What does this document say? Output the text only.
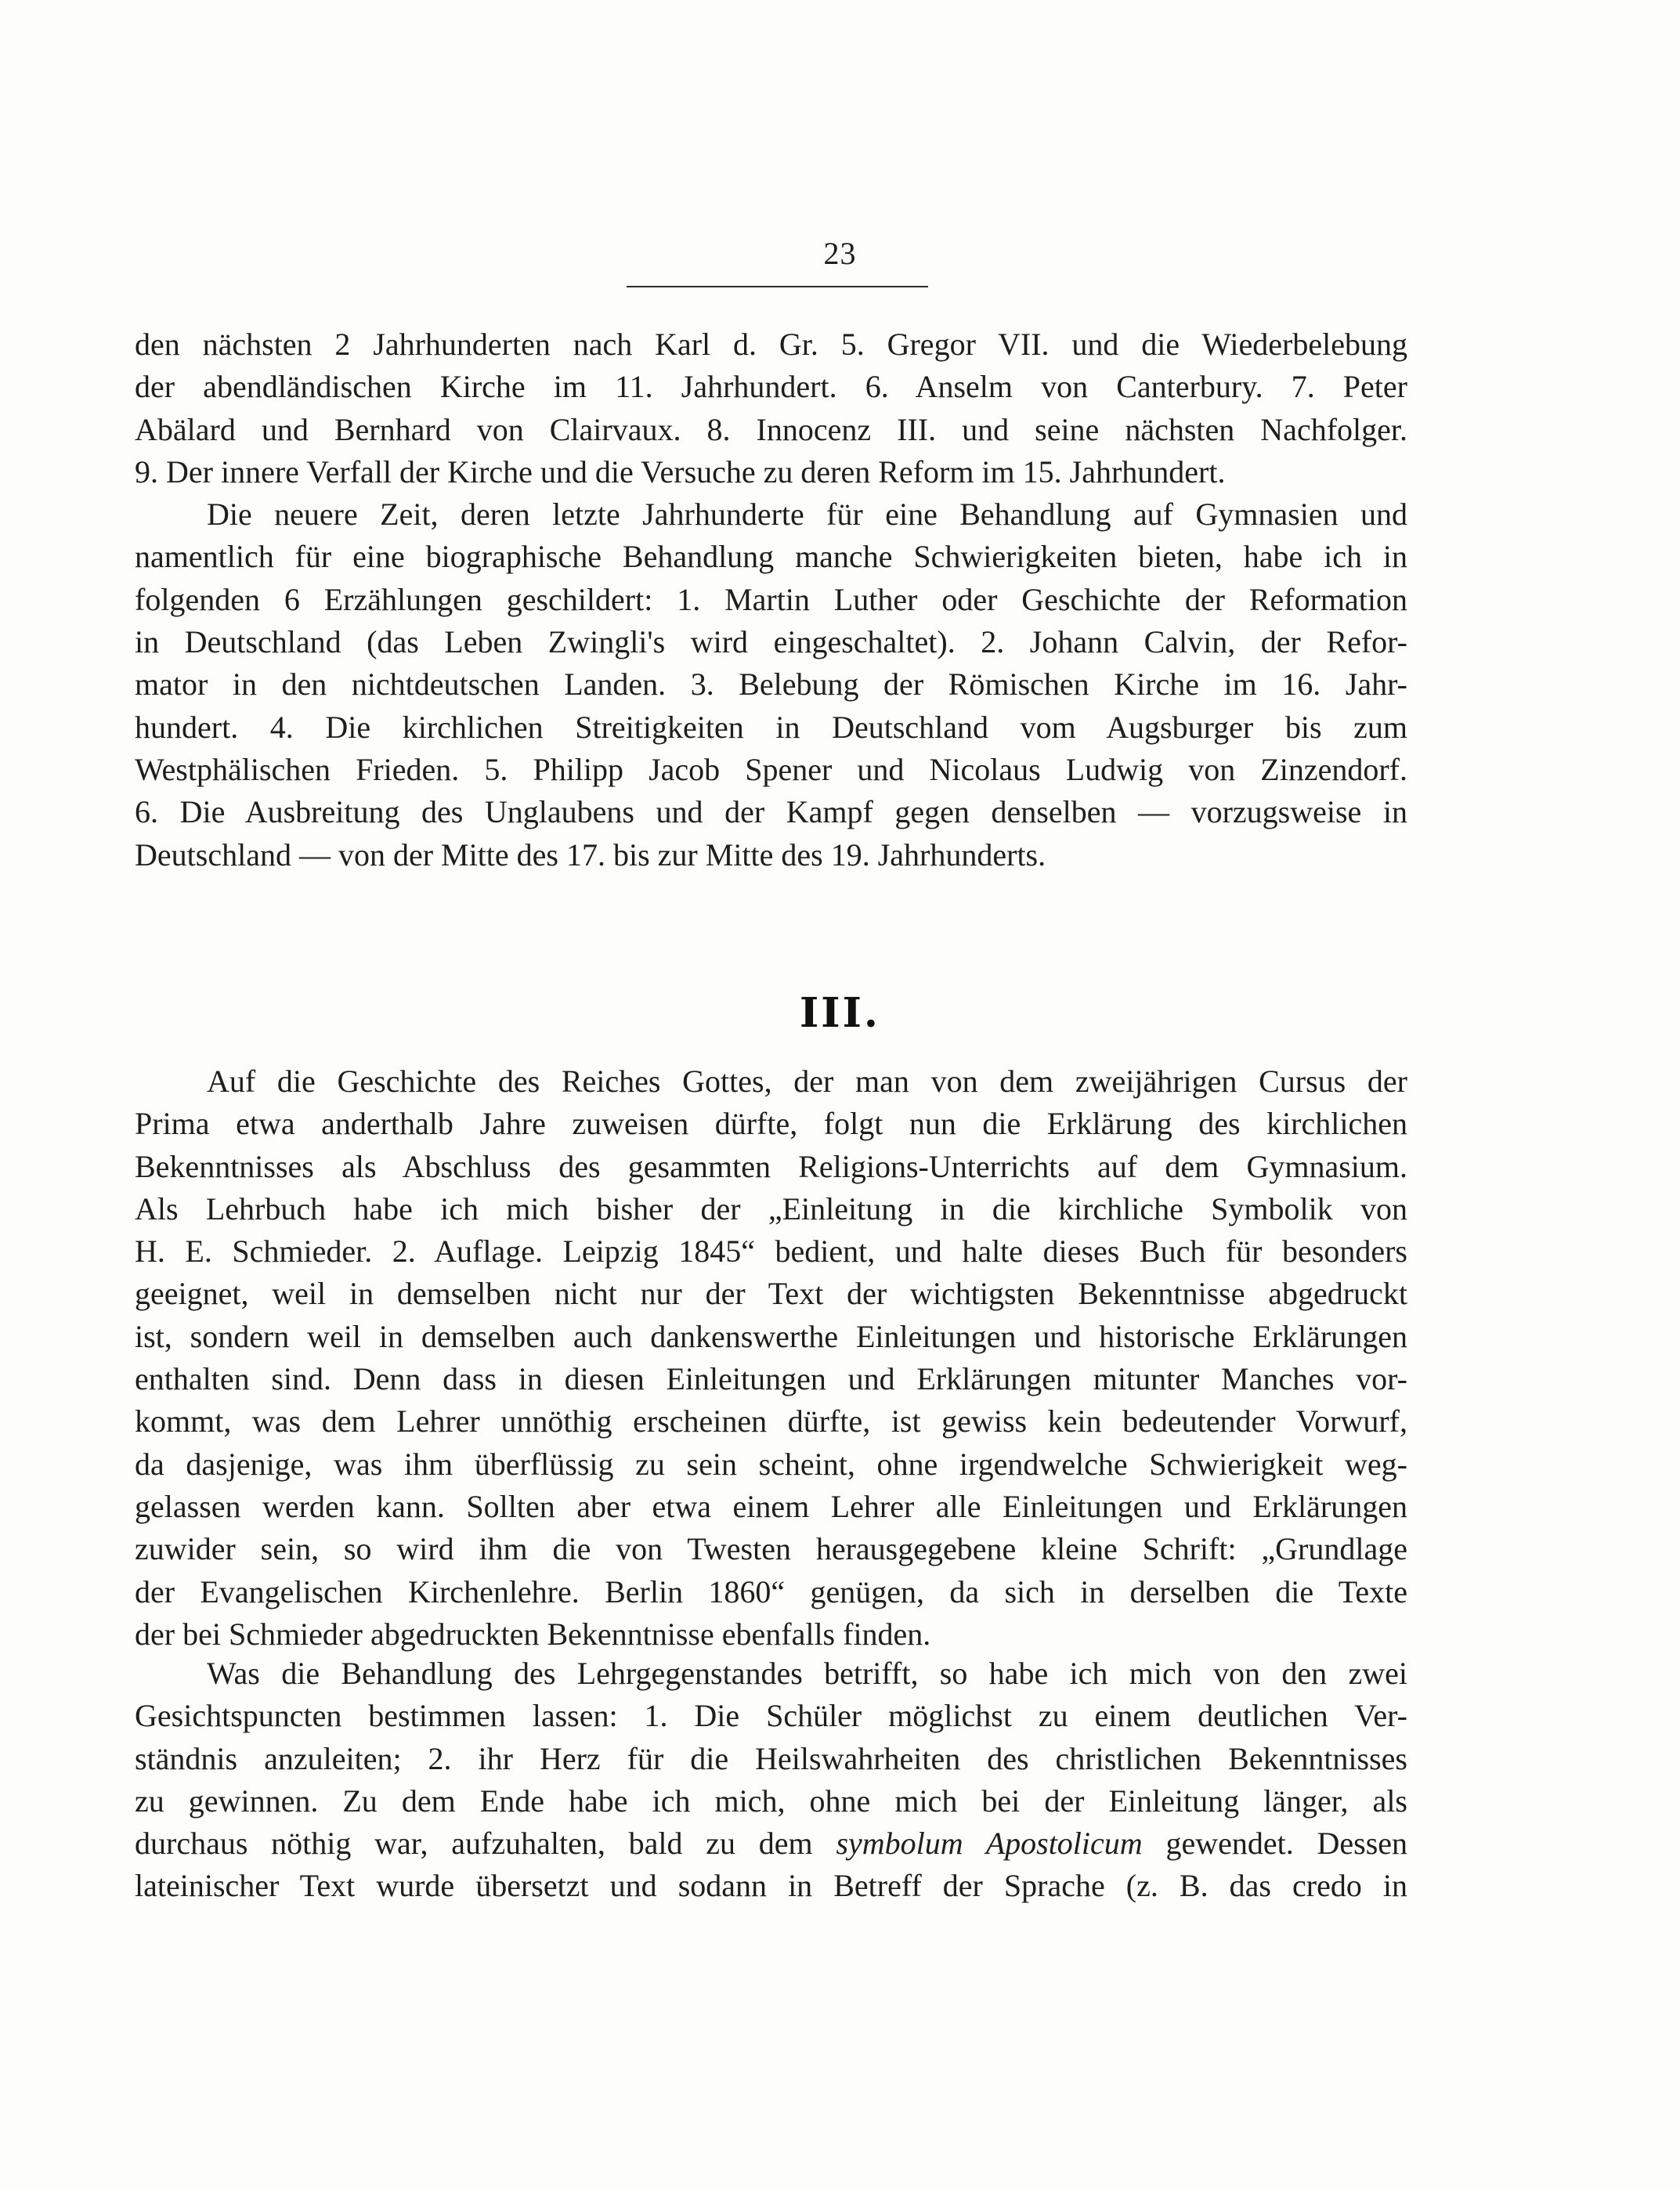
23
den nächsten 2 Jahrhunderten nach Karl d. Gr. 5. Gregor VII. und die Wiederbelebung
der abendländischen Kirche im 11. Jahrhundert. 6. Anselm von Canterbury. 7. Peter
Abälard und Bernhard von Clairvaux. 8. Innocenz III. und seine nächsten Nachfolger.
9. Der innere Verfall der Kirche und die Versuche zu deren Reform im 15. Jahrhundert.
Die neuere Zeit, deren letzte Jahrhunderte für eine Behandlung auf Gymnasien und
namentlich für eine biographische Behandlung manche Schwierigkeiten bieten, habe ich in
folgenden 6 Erzählungen geschildert: 1. Martin Luther oder Geschichte der Reformation
in Deutschland (das Leben Zwingli's wird eingeschaltet). 2. Johann Calvin, der Refor-
mator in den nichtdeutschen Landen. 3. Belebung der Römischen Kirche im 16. Jahr-
hundert. 4. Die kirchlichen Streitigkeiten in Deutschland vom Augsburger bis zum
Westphälischen Frieden. 5. Philipp Jacob Spener und Nicolaus Ludwig von Zinzendorf.
6. Die Ausbreitung des Unglaubens und der Kampf gegen denselben — vorzugsweise in
Deutschland — von der Mitte des 17. bis zur Mitte des 19. Jahrhunderts.
III.
Auf die Geschichte des Reiches Gottes, der man von dem zweijährigen Cursus der
Prima etwa anderthalb Jahre zuweisen dürfte, folgt nun die Erklärung des kirchlichen
Bekenntnisses als Abschluss des gesammten Religions-Unterrichts auf dem Gymnasium.
Als Lehrbuch habe ich mich bisher der „Einleitung in die kirchliche Symbolik von
H. E. Schmieder. 2. Auflage. Leipzig 1845“ bedient, und halte dieses Buch für besonders
geeignet, weil in demselben nicht nur der Text der wichtigsten Bekenntnisse abgedruckt
ist, sondern weil in demselben auch dankenswerthe Einleitungen und historische Erklärungen
enthalten sind. Denn dass in diesen Einleitungen und Erklärungen mitunter Manches vor-
kommt, was dem Lehrer unnöthig erscheinen dürfte, ist gewiss kein bedeutender Vorwurf,
da dasjenige, was ihm überflüssig zu sein scheint, ohne irgendwelche Schwierigkeit weg-
gelassen werden kann. Sollten aber etwa einem Lehrer alle Einleitungen und Erklärungen
zuwider sein, so wird ihm die von Twesten herausgegebene kleine Schrift: „Grundlage
der Evangelischen Kirchenlehre. Berlin 1860“ genügen, da sich in derselben die Texte
der bei Schmieder abgedruckten Bekenntnisse ebenfalls finden.
Was die Behandlung des Lehrgegenstandes betrifft, so habe ich mich von den zwei
Gesichtspuncten bestimmen lassen: 1. Die Schüler möglichst zu einem deutlichen Ver-
ständnis anzuleiten; 2. ihr Herz für die Heilswahrheiten des christlichen Bekenntnisses
zu gewinnen. Zu dem Ende habe ich mich, ohne mich bei der Einleitung länger, als
durchaus nöthig war, aufzuhalten, bald zu dem symbolum Apostolicum gewendet. Dessen
lateinischer Text wurde übersetzt und sodann in Betreff der Sprache (z. B. das credo in
